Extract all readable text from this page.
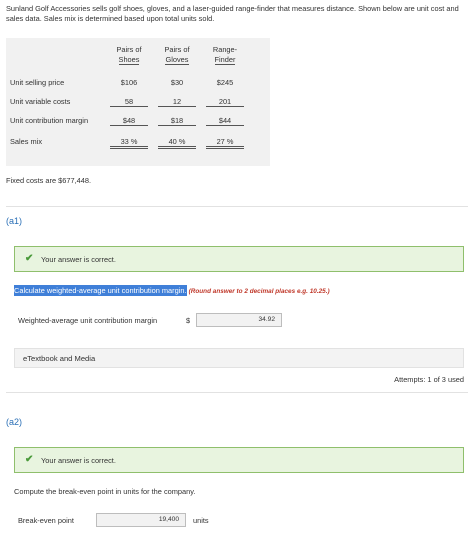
Sunland Golf Accessories sells golf shoes, gloves, and a laser-guided range-finder that measures distance. Shown below are unit cost and sales data. Sales mix is determined based upon total units sold.
Pairs of
Shoes
Pairs of
Gloves
Range-
Finder
Unit selling price	$106	$30	$245
Unit variable costs	58	12	201
Unit contribution margin	$48	$18	$44
Sales mix	33 %	40 %	27 %
Fixed costs are $677,448.
(a1)
✔ Your answer is correct.
Calculate weighted-average unit contribution margin. (Round answer to 2 decimal places e.g. 10.25.)
Weighted-average unit contribution margin	$	34.92
eTextbook and Media
Attempts: 1 of 3 used
(a2)
✔ Your answer is correct.
Compute the break-even point in units for the company.
Break-even point	19,400	units
